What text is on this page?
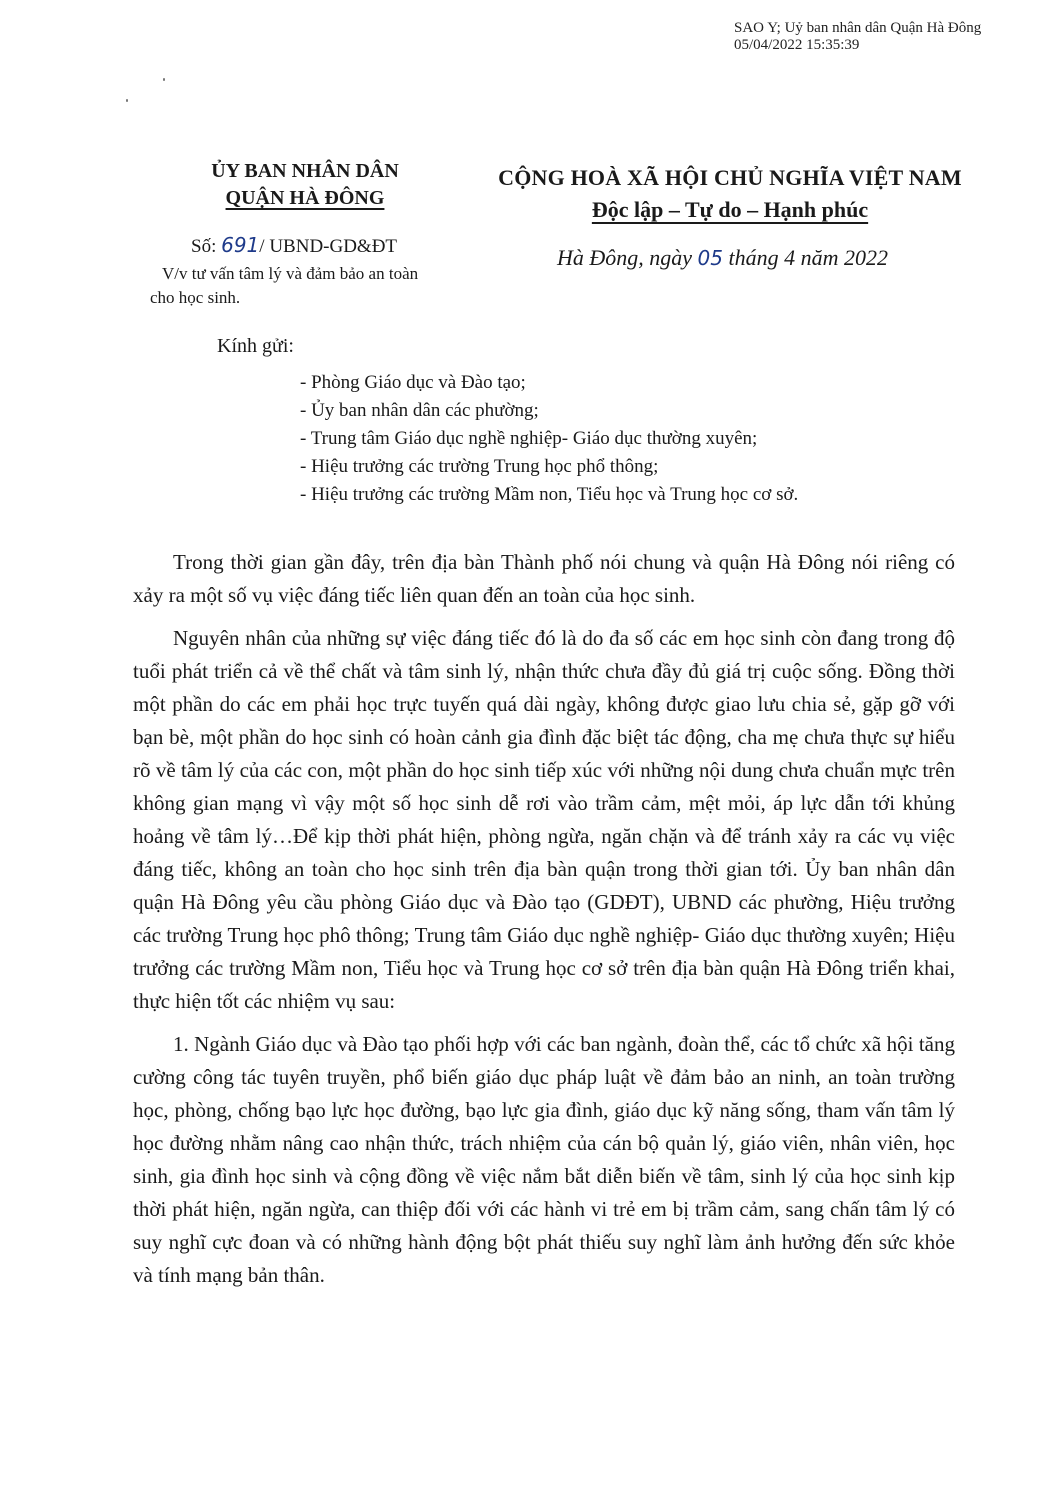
SAO Y; Uỷ ban nhân dân Quận Hà Đông
05/04/2022 15:35:39
ỦY BAN NHÂN DÂN
QUẬN HÀ ĐÔNG
CỘNG HOÀ XÃ HỘI CHỦ NGHĨA VIỆT NAM
Độc lập – Tự do – Hạnh phúc
Số: 691/ UBND-GD&ĐT
V/v tư vấn tâm lý và đảm bảo an toàn
cho học sinh.
Hà Đông, ngày 05 tháng 4 năm 2022
Kính gửi:
- Phòng Giáo dục và Đào tạo;
- Ủy ban nhân dân các phường;
- Trung tâm Giáo dục nghề nghiệp- Giáo dục thường xuyên;
- Hiệu trưởng các trường Trung học phổ thông;
- Hiệu trưởng các trường Mầm non, Tiểu học và Trung học cơ sở.

Trong thời gian gần đây, trên địa bàn Thành phố nói chung và quận Hà Đông nói riêng có xảy ra một số vụ việc đáng tiếc liên quan đến an toàn của học sinh.

Nguyên nhân của những sự việc đáng tiếc đó là do đa số các em học sinh còn đang trong độ tuổi phát triển cả về thể chất và tâm sinh lý, nhận thức chưa đầy đủ giá trị cuộc sống. Đồng thời một phần do các em phải học trực tuyến quá dài ngày, không được giao lưu chia sẻ, gặp gỡ với bạn bè, một phần do học sinh có hoàn cảnh gia đình đặc biệt tác động, cha mẹ chưa thực sự hiểu rõ về tâm lý của các con, một phần do học sinh tiếp xúc với những nội dung chưa chuẩn mực trên không gian mạng vì vậy một số học sinh dễ rơi vào trầm cảm, mệt mỏi, áp lực dẫn tới khủng hoảng về tâm lý…Để kịp thời phát hiện, phòng ngừa, ngăn chặn và để tránh xảy ra các vụ việc đáng tiếc, không an toàn cho học sinh trên địa bàn quận trong thời gian tới. Ủy ban nhân dân quận Hà Đông yêu cầu phòng Giáo dục và Đào tạo (GDĐT), UBND các phường, Hiệu trưởng các trường Trung học phô thông; Trung tâm Giáo dục nghề nghiệp- Giáo dục thường xuyên; Hiệu trưởng các trường Mầm non, Tiểu học và Trung học cơ sở trên địa bàn quận Hà Đông triển khai, thực hiện tốt các nhiệm vụ sau:

1. Ngành Giáo dục và Đào tạo phối hợp với các ban ngành, đoàn thể, các tổ chức xã hội tăng cường công tác tuyên truyền, phổ biến giáo dục pháp luật về đảm bảo an ninh, an toàn trường học, phòng, chống bạo lực học đường, bạo lực gia đình, giáo dục kỹ năng sống, tham vấn tâm lý học đường nhằm nâng cao nhận thức, trách nhiệm của cán bộ quản lý, giáo viên, nhân viên, học sinh, gia đình học sinh và cộng đồng về việc nắm bắt diễn biến về tâm, sinh lý của học sinh kịp thời phát hiện, ngăn ngừa, can thiệp đối với các hành vi trẻ em bị trầm cảm, sang chấn tâm lý có suy nghĩ cực đoan và có những hành động bột phát thiếu suy nghĩ làm ảnh hưởng đến sức khỏe và tính mạng bản thân.
